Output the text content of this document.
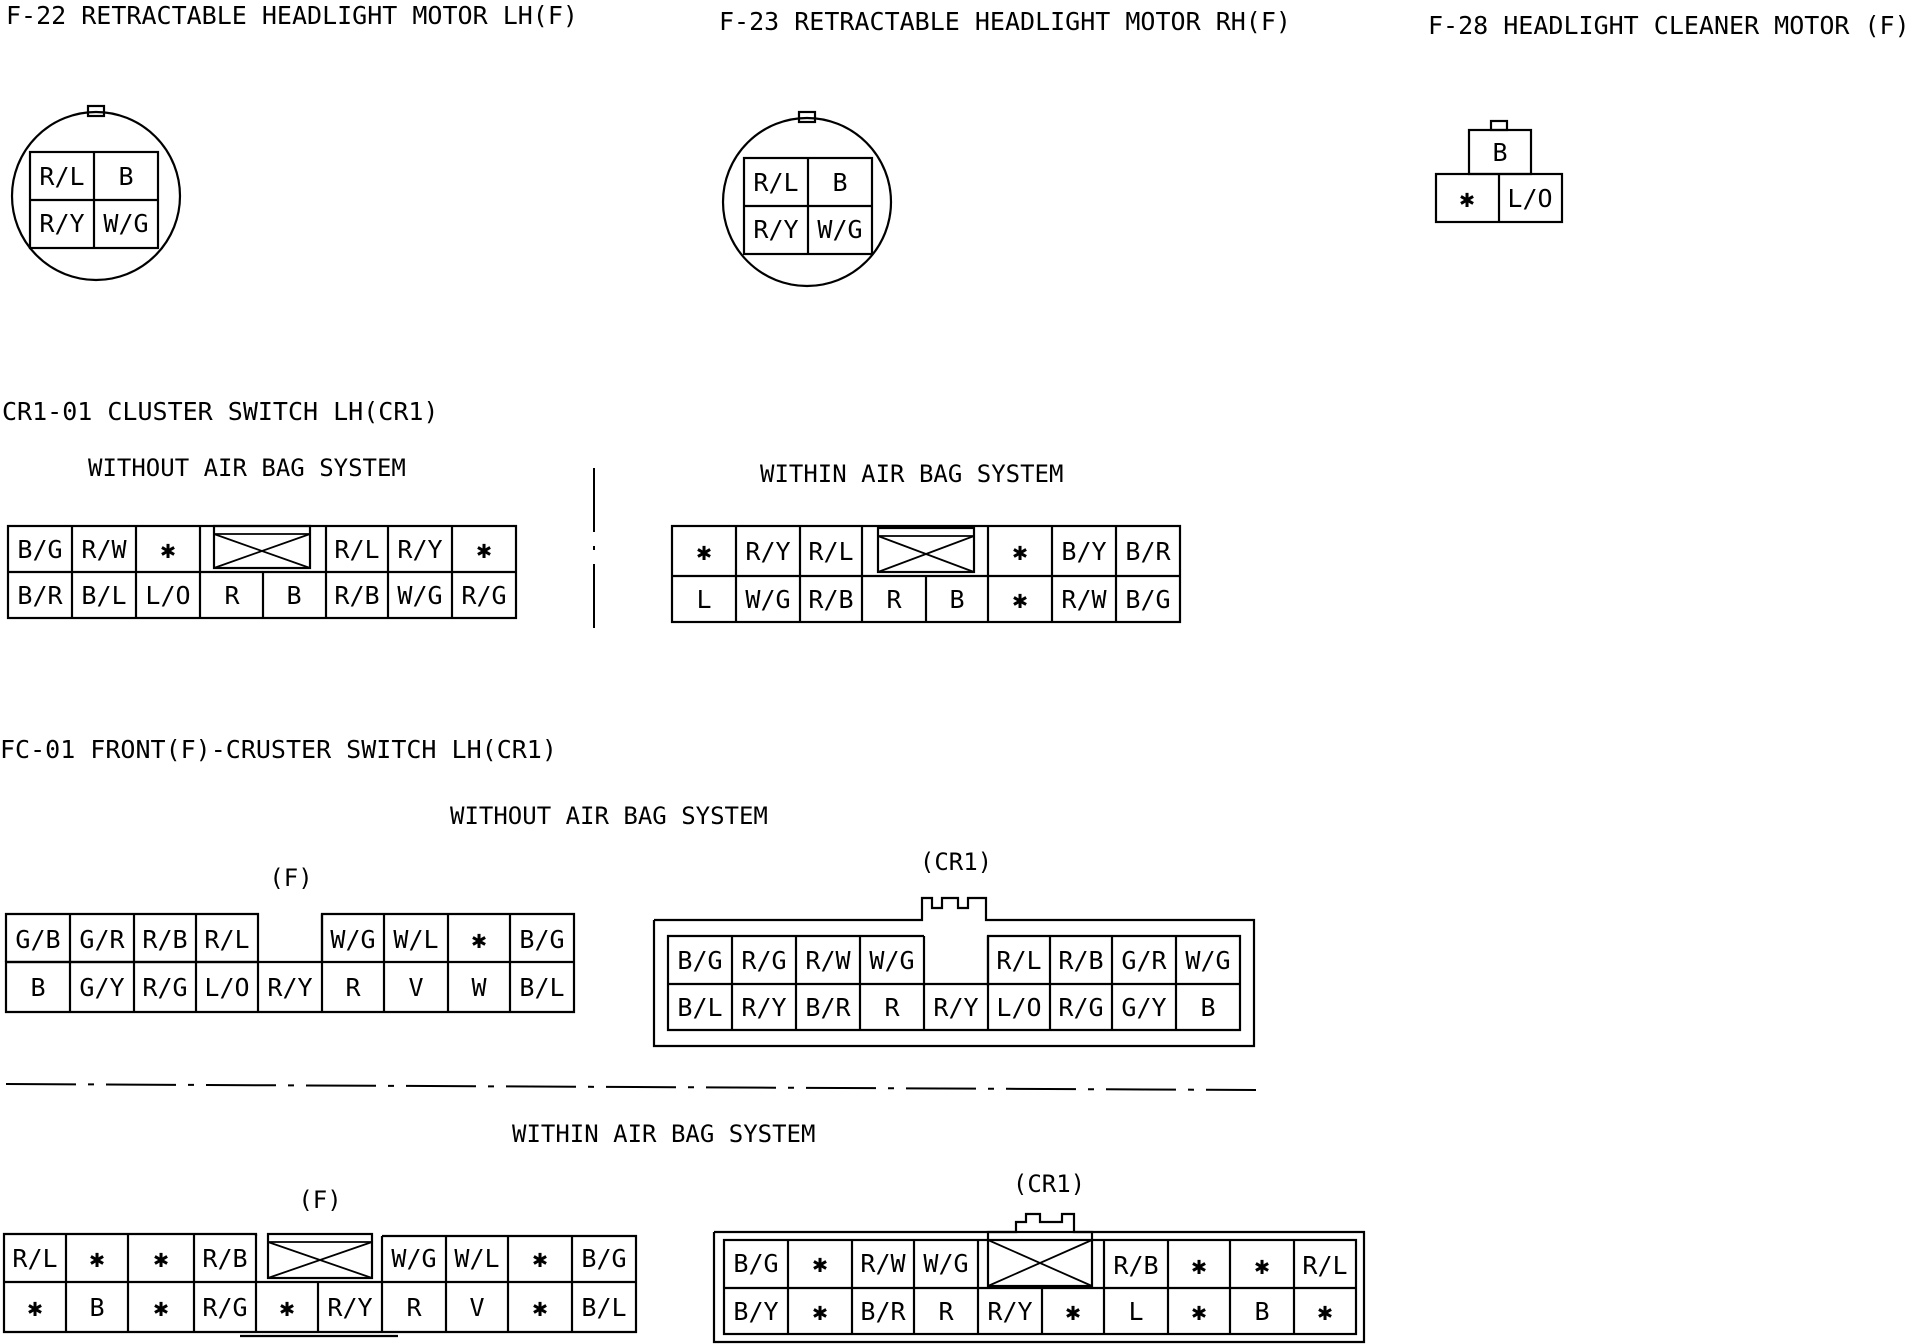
F-22 RETRACTABLE HEADLIGHT MOTOR LH(F)
R/L B
R/Y W/G
F-23 RETRACTABLE HEADLIGHT MOTOR RH(F)
R/L B
R/Y W/G
F-28 HEADLIGHT CLEANER MOTOR (F)
B
✱ L/O
CR1-01 CLUSTER SWITCH LH(CR1)
WITHOUT AIR BAG SYSTEM
B/G R/W ✱	R/L R/Y ✱
B/R B/L L/O R B R/B W/G R/G
WITHIN AIR BAG SYSTEM
✱ R/Y R/L	✱ B/Y B/R
L W/G R/B R B ✱ R/W B/G
FC-01 FRONT(F)-CRUSTER SWITCH LH(CR1)
WITHOUT AIR BAG SYSTEM
(F)
G/B G/R R/B R/L	W/G W/L ✱ B/G
B G/Y R/G L/O R/Y R V W B/L
(CR1)
B/G R/G R/W W/G	R/L R/B G/R W/G
B/L R/Y B/R R R/Y L/O R/G G/Y B
WITHIN AIR BAG SYSTEM
(F)
R/L ✱ ✱ R/B	W/G W/L ✱ B/G
✱ B ✱ R/G ✱ R/Y R V ✱ B/L
(CR1)
B/G ✱ R/W W/G	R/B ✱ ✱ R/L
B/Y ✱ B/R R R/Y ✱ L ✱ B ✱
